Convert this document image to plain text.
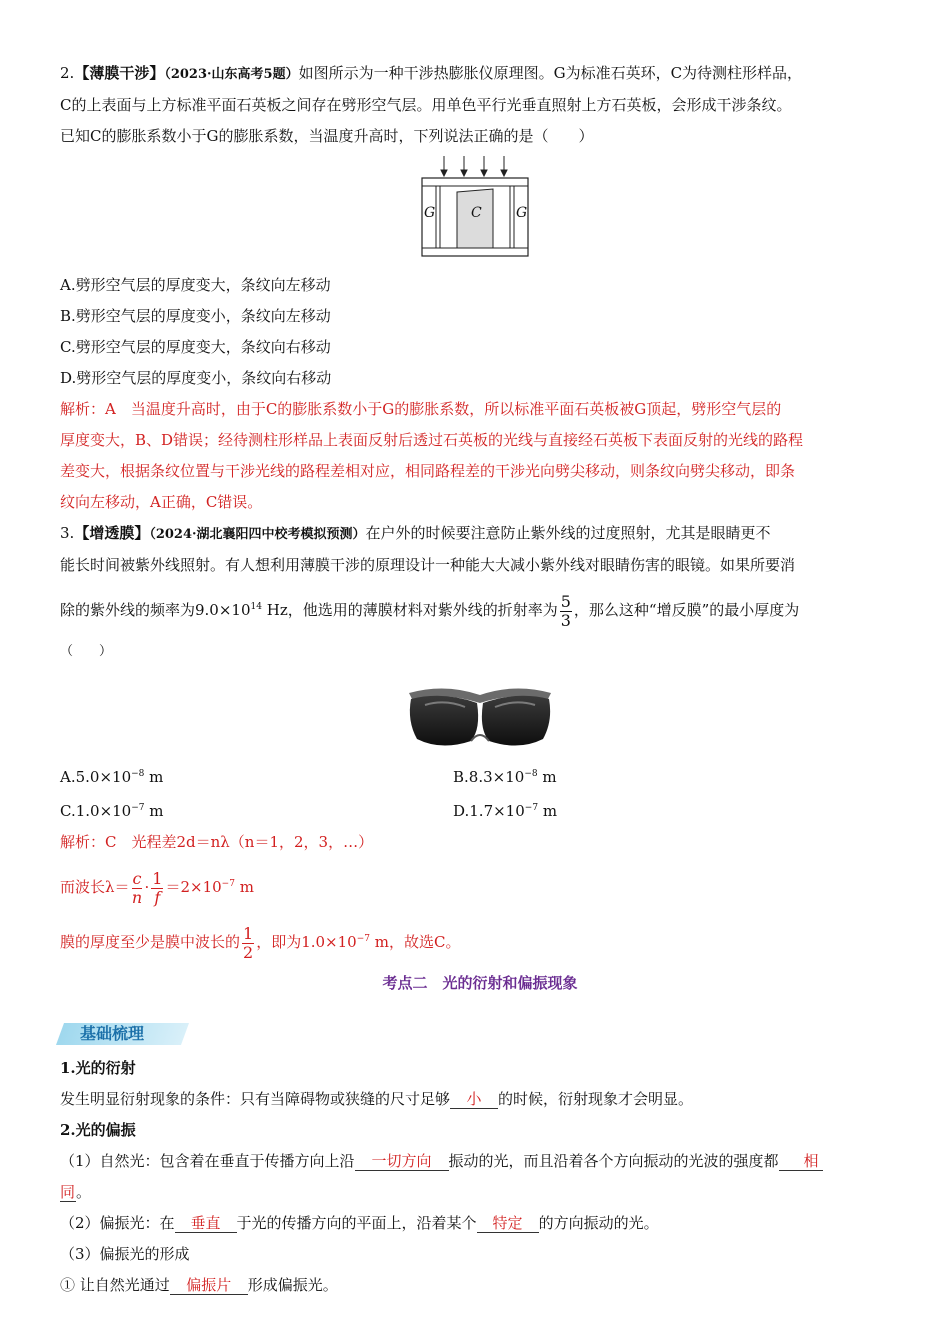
2.【薄膜干涉】（2023·山东高考5题）如图所示为一种干涉热膨胀仪原理图。G为标准石英环，C为待测柱形样品，
C的上表面与上方标准平面石英板之间存在劈形空气层。用单色平行光垂直照射上方石英板，会形成干涉条纹。
已知C的膨胀系数小于G的膨胀系数，当温度升高时，下列说法正确的是（　　）
G	C G
A.劈形空气层的厚度变大，条纹向左移动
B.劈形空气层的厚度变小，条纹向左移动
C.劈形空气层的厚度变大，条纹向右移动
D.劈形空气层的厚度变小，条纹向右移动
解析：A　当温度升高时，由于C的膨胀系数小于G的膨胀系数，所以标准平面石英板被G顶起，劈形空气层的
厚度变大，B、D错误；经待测柱形样品上表面反射后透过石英板的光线与直接经石英板下表面反射的光线的路程
差变大，根据条纹位置与干涉光线的路程差相对应，相同路程差的干涉光向劈尖移动，则条纹向劈尖移动，即条
纹向左移动，A正确，C错误。
3.【增透膜】（2024·湖北襄阳四中校考模拟预测）在户外的时候要注意防止紫外线的过度照射，尤其是眼睛更不
能长时间被紫外线照射。有人想利用薄膜干涉的原理设计一种能大大减小紫外线对眼睛伤害的眼镜。如果所要消
除的紫外线的频率为$9.0\times 10^{14}$ Hz，他选用的薄膜材料对紫外线的折射率为 $\frac{5}{3}$ ，那么这种“增反膜”的最小厚度为
（　　）
$A.5.0\times 10^{-8}$ m	$B.8.3\times 10^{-8}$ m
$C.1.0\times 10^{-7}$ m	$D.1.7\times 10^{-7}$ m
解析：C　光程差2d＝nλ（n＝1，2，3，…）
而波长$\lambda= \frac{c}{n} \cdot \frac{1}{f} =2\times 10^{-7}$ m
膜的厚度至少是膜中波长的 $\frac{1}{2}$ ，即为$1.0\times 10^{-7}$ m，故选C。
考点二　光的衍射和偏振现象
基础梳理
1.光的衍射
发生明显衍射现象的条件：只有当障碍物或狭缝的尺寸足够 小 的时候，衍射现象才会明显。
2.光的偏振
（1）自然光：包含着在垂直于传播方向上沿 一切方向 振动的光，而且沿着各个方向振动的光波的强度都 相
同。
（2）偏振光：在 垂直 于光的传播方向的平面上，沿着某个 特定 的方向振动的光。
（3）偏振光的形成
① 让自然光通过 偏振片 形成偏振光。
